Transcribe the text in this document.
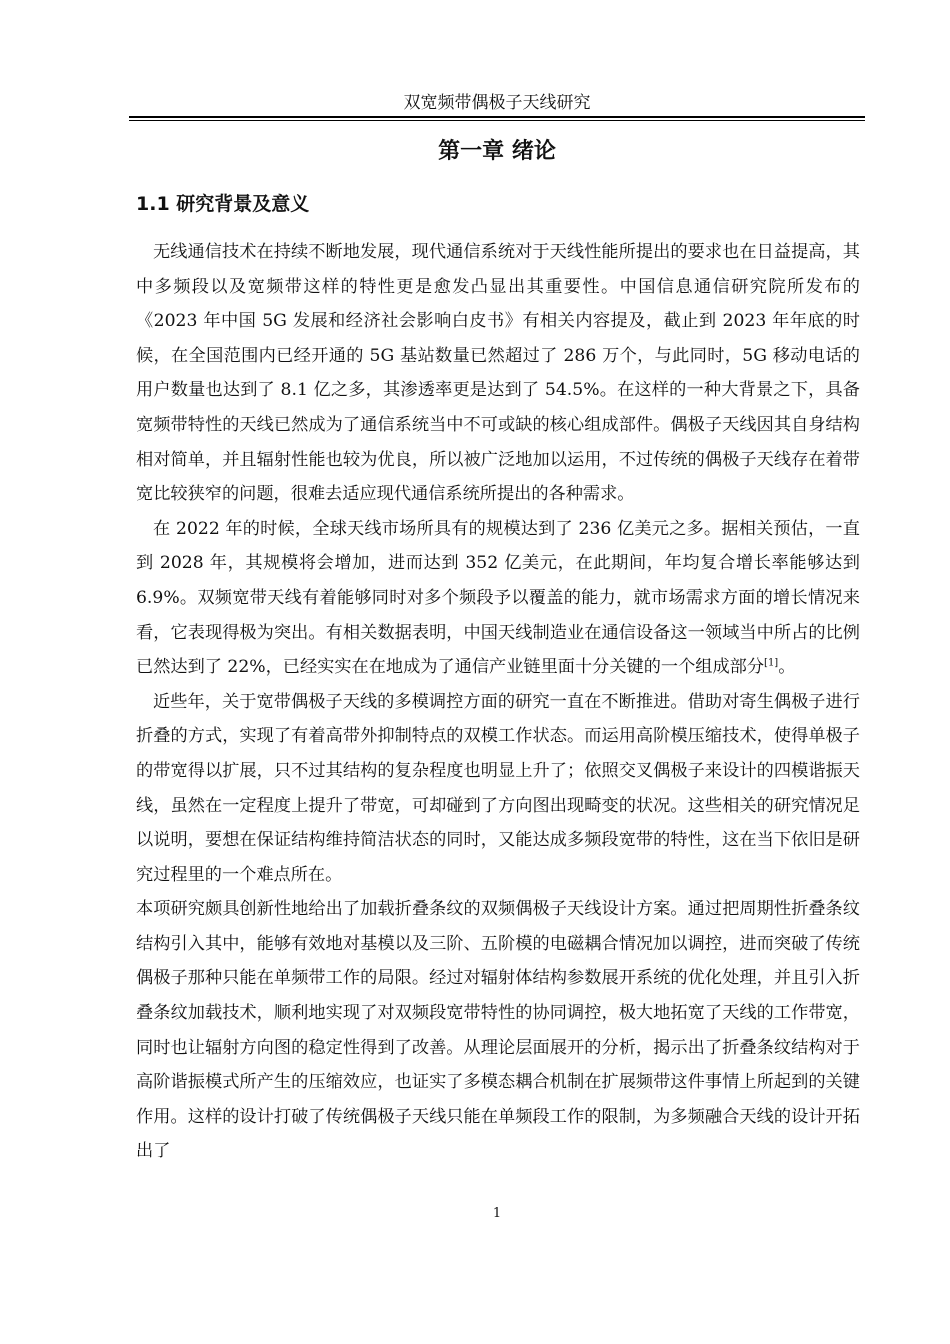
双宽频带偶极子天线研究
第一章 绪论
1.1 研究背景及意义

无线通信技术在持续不断地发展，现代通信系统对于天线性能所提出的要求也在日益提高，其中多频段以及宽频带这样的特性更是愈发凸显出其重要性。中国信息通信研究院所发布的《2023 年中国 5G 发展和经济社会影响白皮书》有相关内容提及，截止到 2023 年年底的时候，在全国范围内已经开通的 5G 基站数量已然超过了 286 万个，与此同时，5G 移动电话的用户数量也达到了 8.1 亿之多，其渗透率更是达到了 54.5%。在这样的一种大背景之下，具备宽频带特性的天线已然成为了通信系统当中不可或缺的核心组成部件。偶极子天线因其自身结构相对简单，并且辐射性能也较为优良，所以被广泛地加以运用，不过传统的偶极子天线存在着带宽比较狭窄的问题，很难去适应现代通信系统所提出的各种需求。

在 2022 年的时候，全球天线市场所具有的规模达到了 236 亿美元之多。据相关预估，一直到 2028 年，其规模将会增加，进而达到 352 亿美元，在此期间，年均复合增长率能够达到 6.9%。双频宽带天线有着能够同时对多个频段予以覆盖的能力，就市场需求方面的增长情况来看，它表现得极为突出。有相关数据表明，中国天线制造业在通信设备这一领域当中所占的比例已然达到了 22%，已经实实在在地成为了通信产业链里面十分关键的一个组成部分[1]。

近些年，关于宽带偶极子天线的多模调控方面的研究一直在不断推进。借助对寄生偶极子进行折叠的方式，实现了有着高带外抑制特点的双模工作状态。而运用高阶模压缩技术，使得单极子的带宽得以扩展，只不过其结构的复杂程度也明显上升了；依照交叉偶极子来设计的四模谐振天线，虽然在一定程度上提升了带宽，可却碰到了方向图出现畸变的状况。这些相关的研究情况足以说明，要想在保证结构维持简洁状态的同时，又能达成多频段宽带的特性，这在当下依旧是研究过程里的一个难点所在。

本项研究颇具创新性地给出了加载折叠条纹的双频偶极子天线设计方案。通过把周期性折叠条纹结构引入其中，能够有效地对基模以及三阶、五阶模的电磁耦合情况加以调控，进而突破了传统偶极子那种只能在单频带工作的局限。经过对辐射体结构参数展开系统的优化处理，并且引入折叠条纹加载技术，顺利地实现了对双频段宽带特性的协同调控，极大地拓宽了天线的工作带宽，同时也让辐射方向图的稳定性得到了改善。从理论层面展开的分析，揭示出了折叠条纹结构对于高阶谐振模式所产生的压缩效应，也证实了多模态耦合机制在扩展频带这件事情上所起到的关键作用。这样的设计打破了传统偶极子天线只能在单频段工作的限制，为多频融合天线的设计开拓出了

1
